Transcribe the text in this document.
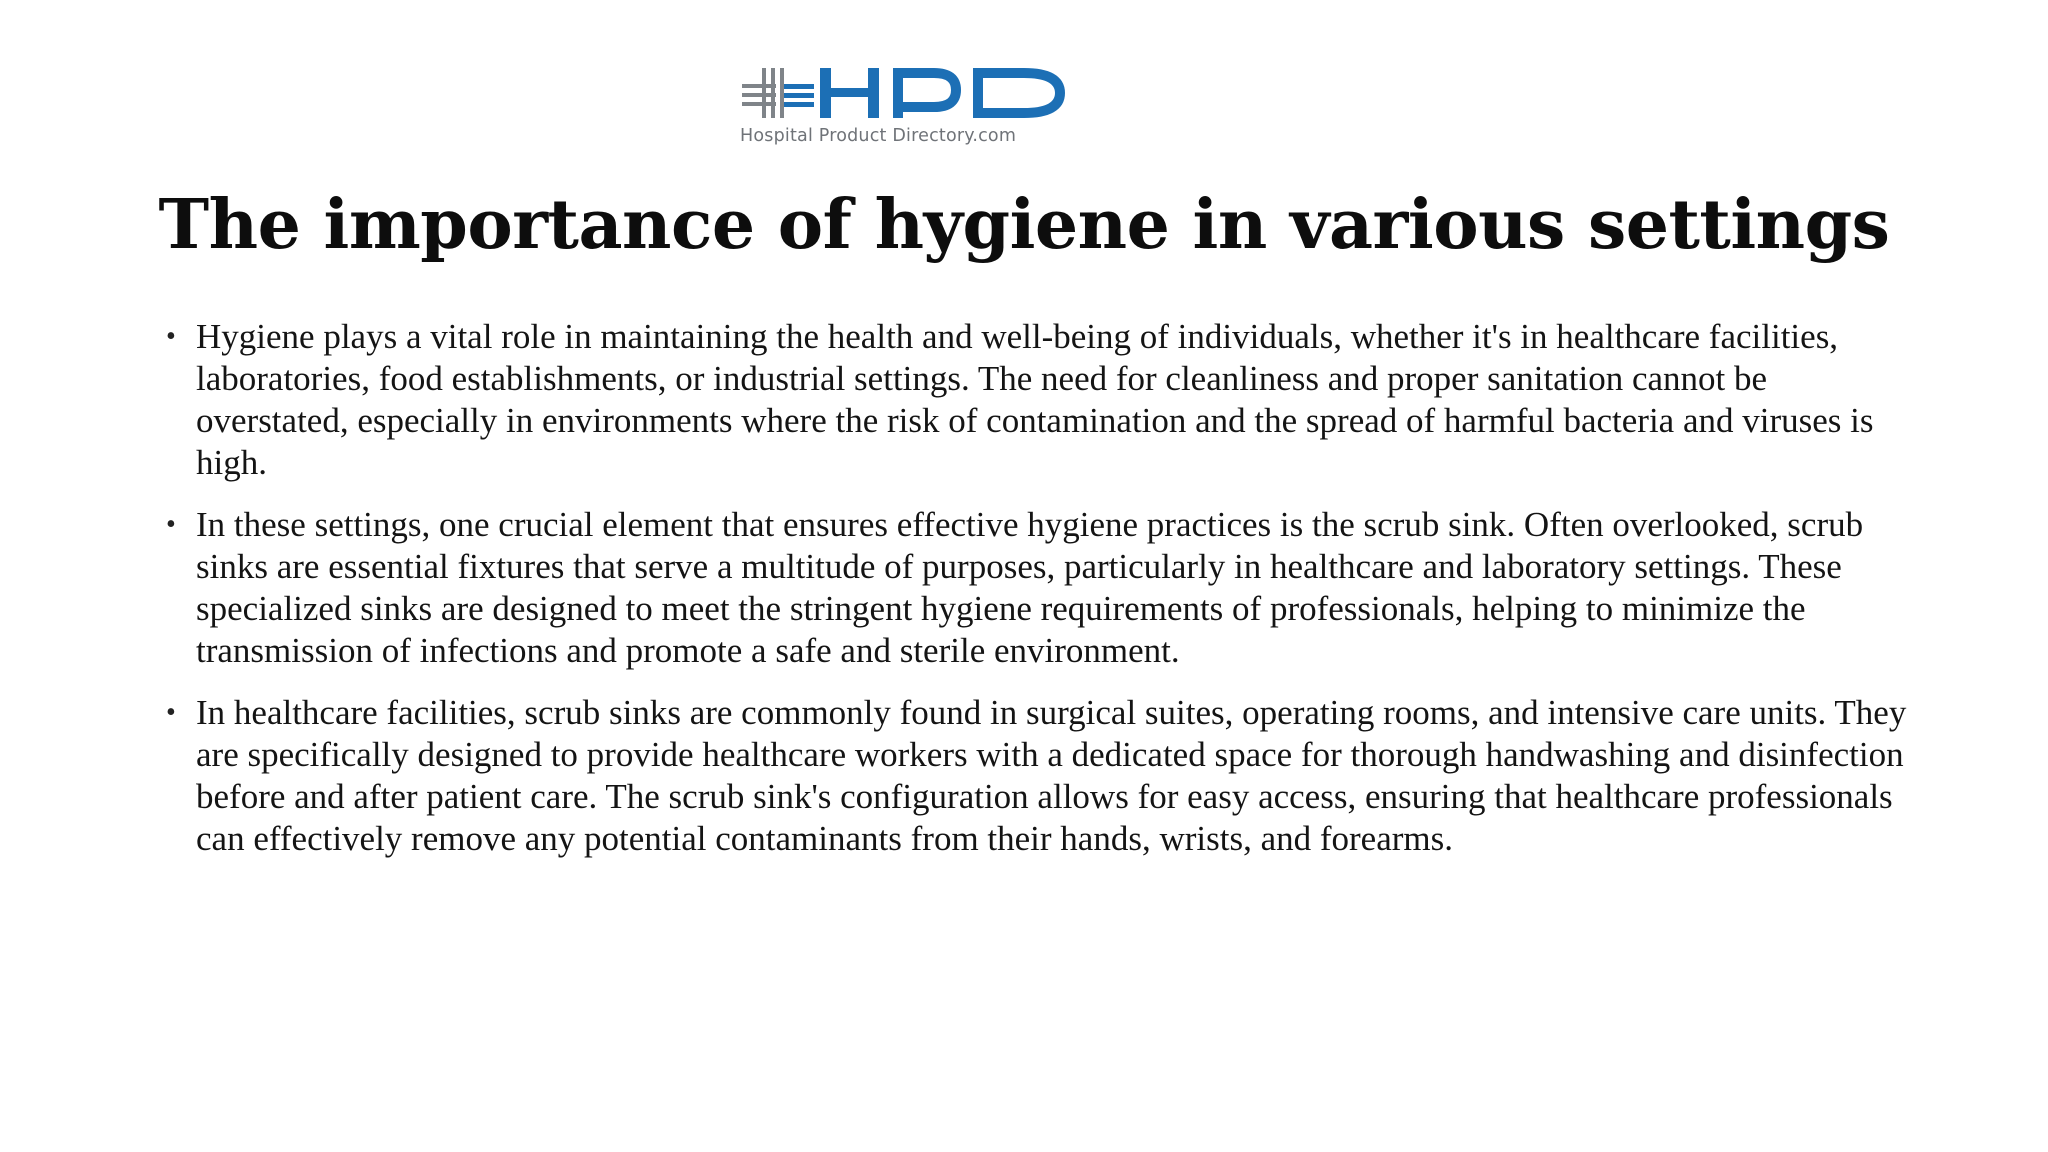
Hospital Product Directory.com
The importance of hygiene in various settings
• Hygiene plays a vital role in maintaining the health and well-being of individuals, whether it's in healthcare facilities, laboratories, food establishments, or industrial settings. The need for cleanliness and proper sanitation cannot be overstated, especially in environments where the risk of contamination and the spread of harmful bacteria and viruses is high.
• In these settings, one crucial element that ensures effective hygiene practices is the scrub sink. Often overlooked, scrub sinks are essential fixtures that serve a multitude of purposes, particularly in healthcare and laboratory settings. These specialized sinks are designed to meet the stringent hygiene requirements of professionals, helping to minimize the transmission of infections and promote a safe and sterile environment.
• In healthcare facilities, scrub sinks are commonly found in surgical suites, operating rooms, and intensive care units. They are specifically designed to provide healthcare workers with a dedicated space for thorough handwashing and disinfection before and after patient care. The scrub sink's configuration allows for easy access, ensuring that healthcare professionals can effectively remove any potential contaminants from their hands, wrists, and forearms.
